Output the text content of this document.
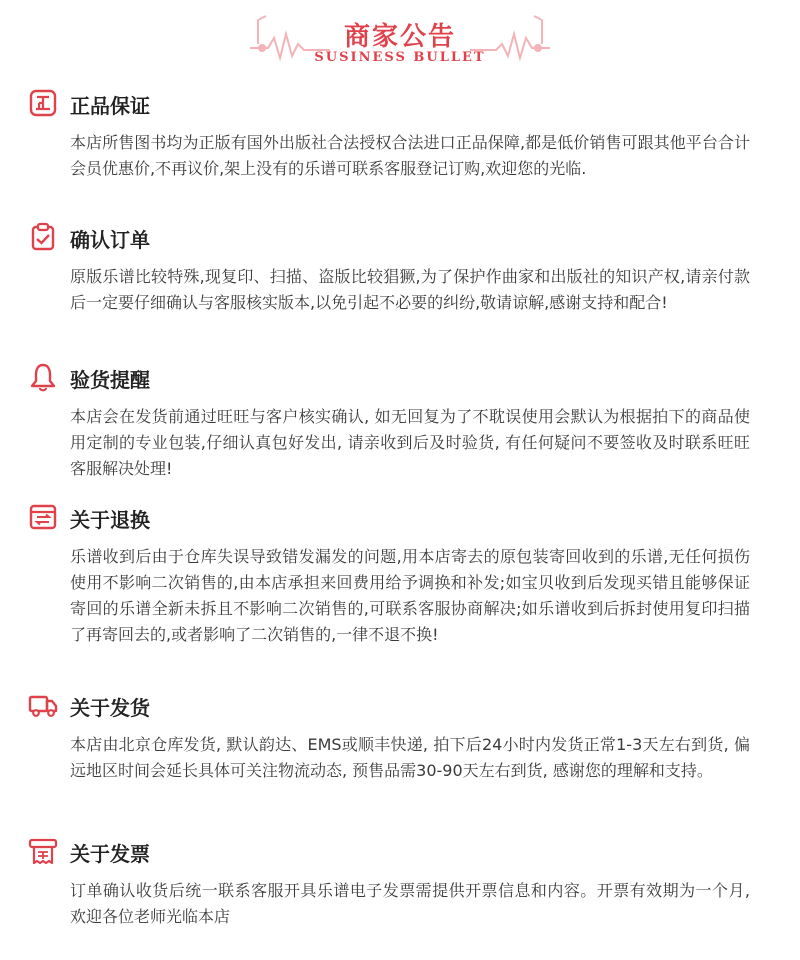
商家公告
SUSINESS BULLET
正品保证
本店所售图书均为正版有国外出版社合法授权合法进口正品保障,都是低价销售可跟其他平台合计会员优惠价,不再议价,架上没有的乐谱可联系客服登记订购,欢迎您的光临.
确认订单
原版乐谱比较特殊,现复印、扫描、盗版比较猖獗,为了保护作曲家和出版社的知识产权,请亲付款后一定要仔细确认与客服核实版本,以免引起不必要的纠纷,敬请谅解,感谢支持和配合!
验货提醒
本店会在发货前通过旺旺与客户核实确认, 如无回复为了不耽误使用会默认为根据拍下的商品使用定制的专业包装,仔细认真包好发出, 请亲收到后及时验货, 有任何疑问不要签收及时联系旺旺客服解决处理!
关于退换
乐谱收到后由于仓库失误导致错发漏发的问题,用本店寄去的原包装寄回收到的乐谱,无任何损伤使用不影响二次销售的,由本店承担来回费用给予调换和补发;如宝贝收到后发现买错且能够保证寄回的乐谱全新未拆且不影响二次销售的,可联系客服协商解决;如乐谱收到后拆封使用复印扫描了再寄回去的,或者影响了二次销售的,一律不退不换!
关于发货
本店由北京仓库发货, 默认韵达、EMS或顺丰快递, 拍下后24小时内发货正常1-3天左右到货, 偏远地区时间会延长具体可关注物流动态, 预售品需30-90天左右到货, 感谢您的理解和支持。
关于发票
订单确认收货后统一联系客服开具乐谱电子发票需提供开票信息和内容。开票有效期为一个月, 欢迎各位老师光临本店
